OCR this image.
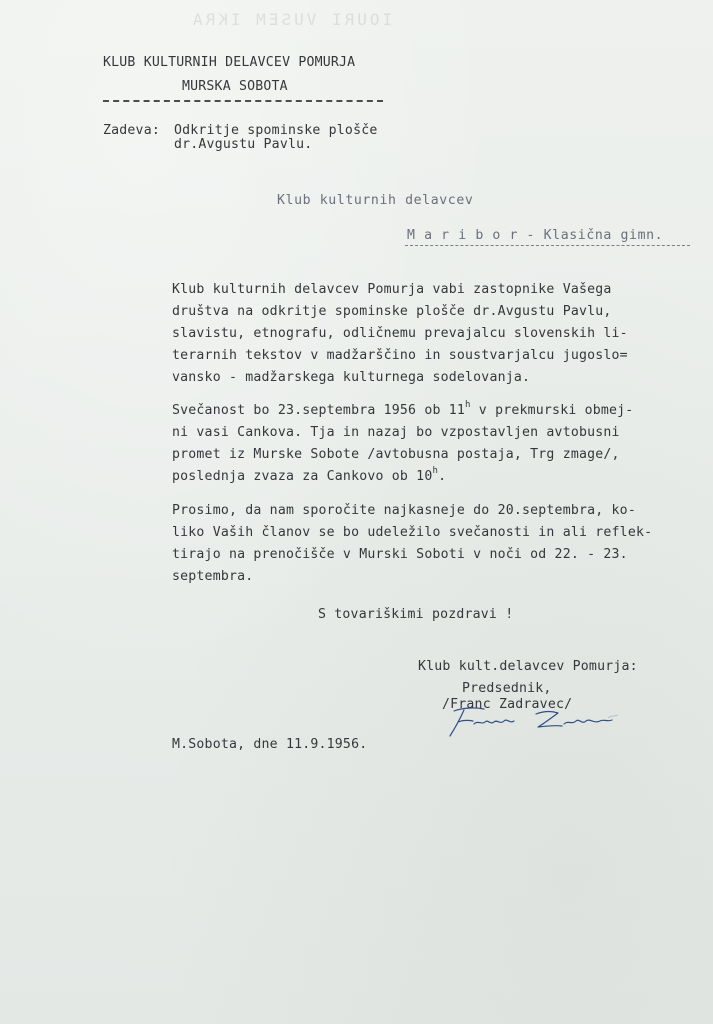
IOURI VUSEM IKRA
KLUB KULTURNIH DELAVCEV POMURJA
MURSKA SOBOTA
Zadeva: Odkritje spominske plošče
dr.Avgustu Pavlu.
Klub kulturnih delavcev
M a r i b o r - Klasična gimn.
Klub kulturnih delavcev Pomurja vabi zastopnike Vašega
društva na odkritje spominske plošče dr.Avgustu Pavlu,
slavistu, etnografu, odličnemu prevajalcu slovenskih li-
terarnih tekstov v madžarščino in soustvarjalcu jugoslo=
vansko - madžarskega kulturnega sodelovanja.
Svečanost bo 23.septembra 1956 ob 11$^h$ v prekmurski obmej-
ni vasi Cankova. Tja in nazaj bo vzpostavljen avtobusni
promet iz Murske Sobote /avtobusna postaja, Trg zmage/,
poslednja zvaza za Cankovo ob 10$^h$.
Prosimo, da nam sporočite najkasneje do 20.septembra, ko-
liko Vaših članov se bo udeležilo svečanosti in ali reflek-
tirajo na prenočišče v Murski Soboti v noči od 22. - 23.
septembra.
S tovariškimi pozdravi !
Klub kult.delavcev Pomurja:
Predsednik,
/Franc Zadravec/
M.Sobota, dne 11.9.1956.
